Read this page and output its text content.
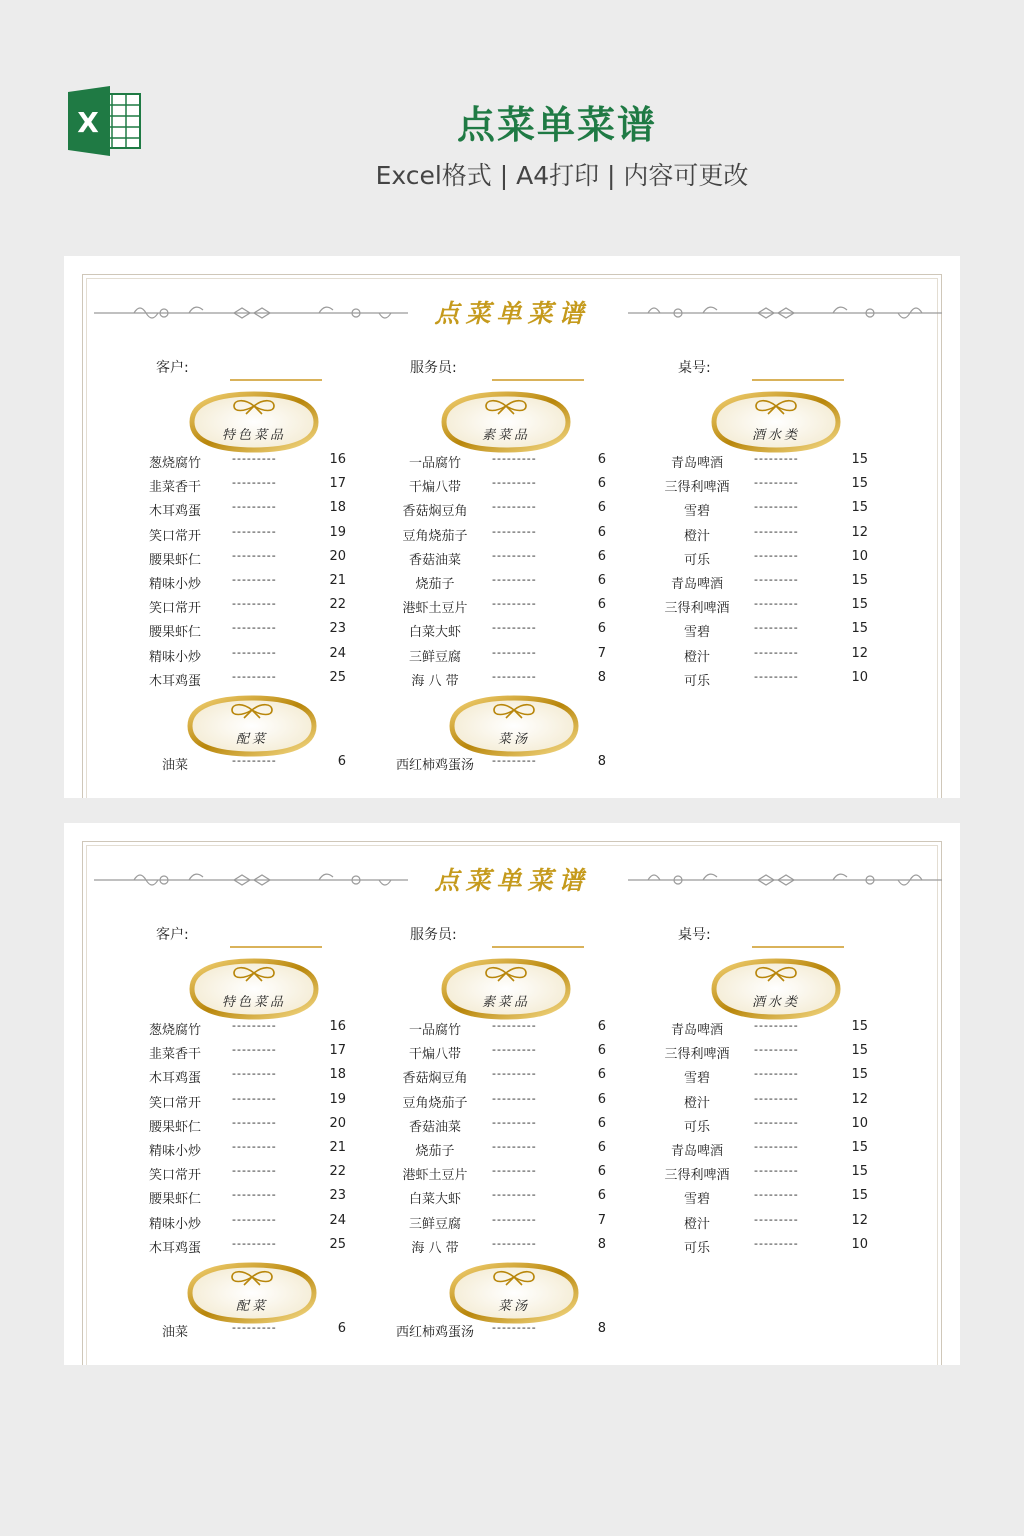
X	点菜单菜谱
Excel格式 | A4打印 | 内容可更改
点菜单菜谱
客户:	服务员:	桌号:
特色菜品	素菜品	酒水类
配菜	菜汤
葱烧腐竹	---------	16
韭菜香干	---------	17
木耳鸡蛋	---------	18
笑口常开	---------	19
腰果虾仁	---------	20
精味小炒	---------	21
笑口常开	---------	22
腰果虾仁	---------	23
精味小炒	---------	24
木耳鸡蛋	---------	25
一品腐竹	---------	6
干煸八带	---------	6
香菇焖豆角	---------	6
豆角烧茄子	---------	6
香菇油菜	---------	6
烧茄子	---------	6
港虾土豆片	---------	6
白菜大虾	---------	6
三鲜豆腐	---------	7
海 八 带	---------	8
青岛啤酒	---------	15
三得利啤酒	---------	15
雪碧	---------	15
橙汁	---------	12
可乐	---------	10
青岛啤酒	---------	15
三得利啤酒	---------	15
雪碧	---------	15
橙汁	---------	12
可乐	---------	10
油菜	---------	6	西红柿鸡蛋汤	---------	8
点菜单菜谱
客户:	服务员:	桌号:
特色菜品	素菜品	酒水类
配菜	菜汤
葱烧腐竹	---------	16
韭菜香干	---------	17
木耳鸡蛋	---------	18
笑口常开	---------	19
腰果虾仁	---------	20
精味小炒	---------	21
笑口常开	---------	22
腰果虾仁	---------	23
精味小炒	---------	24
木耳鸡蛋	---------	25
一品腐竹	---------	6
干煸八带	---------	6
香菇焖豆角	---------	6
豆角烧茄子	---------	6
香菇油菜	---------	6
烧茄子	---------	6
港虾土豆片	---------	6
白菜大虾	---------	6
三鲜豆腐	---------	7
海 八 带	---------	8
青岛啤酒	---------	15
三得利啤酒	---------	15
雪碧	---------	15
橙汁	---------	12
可乐	---------	10
青岛啤酒	---------	15
三得利啤酒	---------	15
雪碧	---------	15
橙汁	---------	12
可乐	---------	10
油菜	---------	6	西红柿鸡蛋汤	---------	8
